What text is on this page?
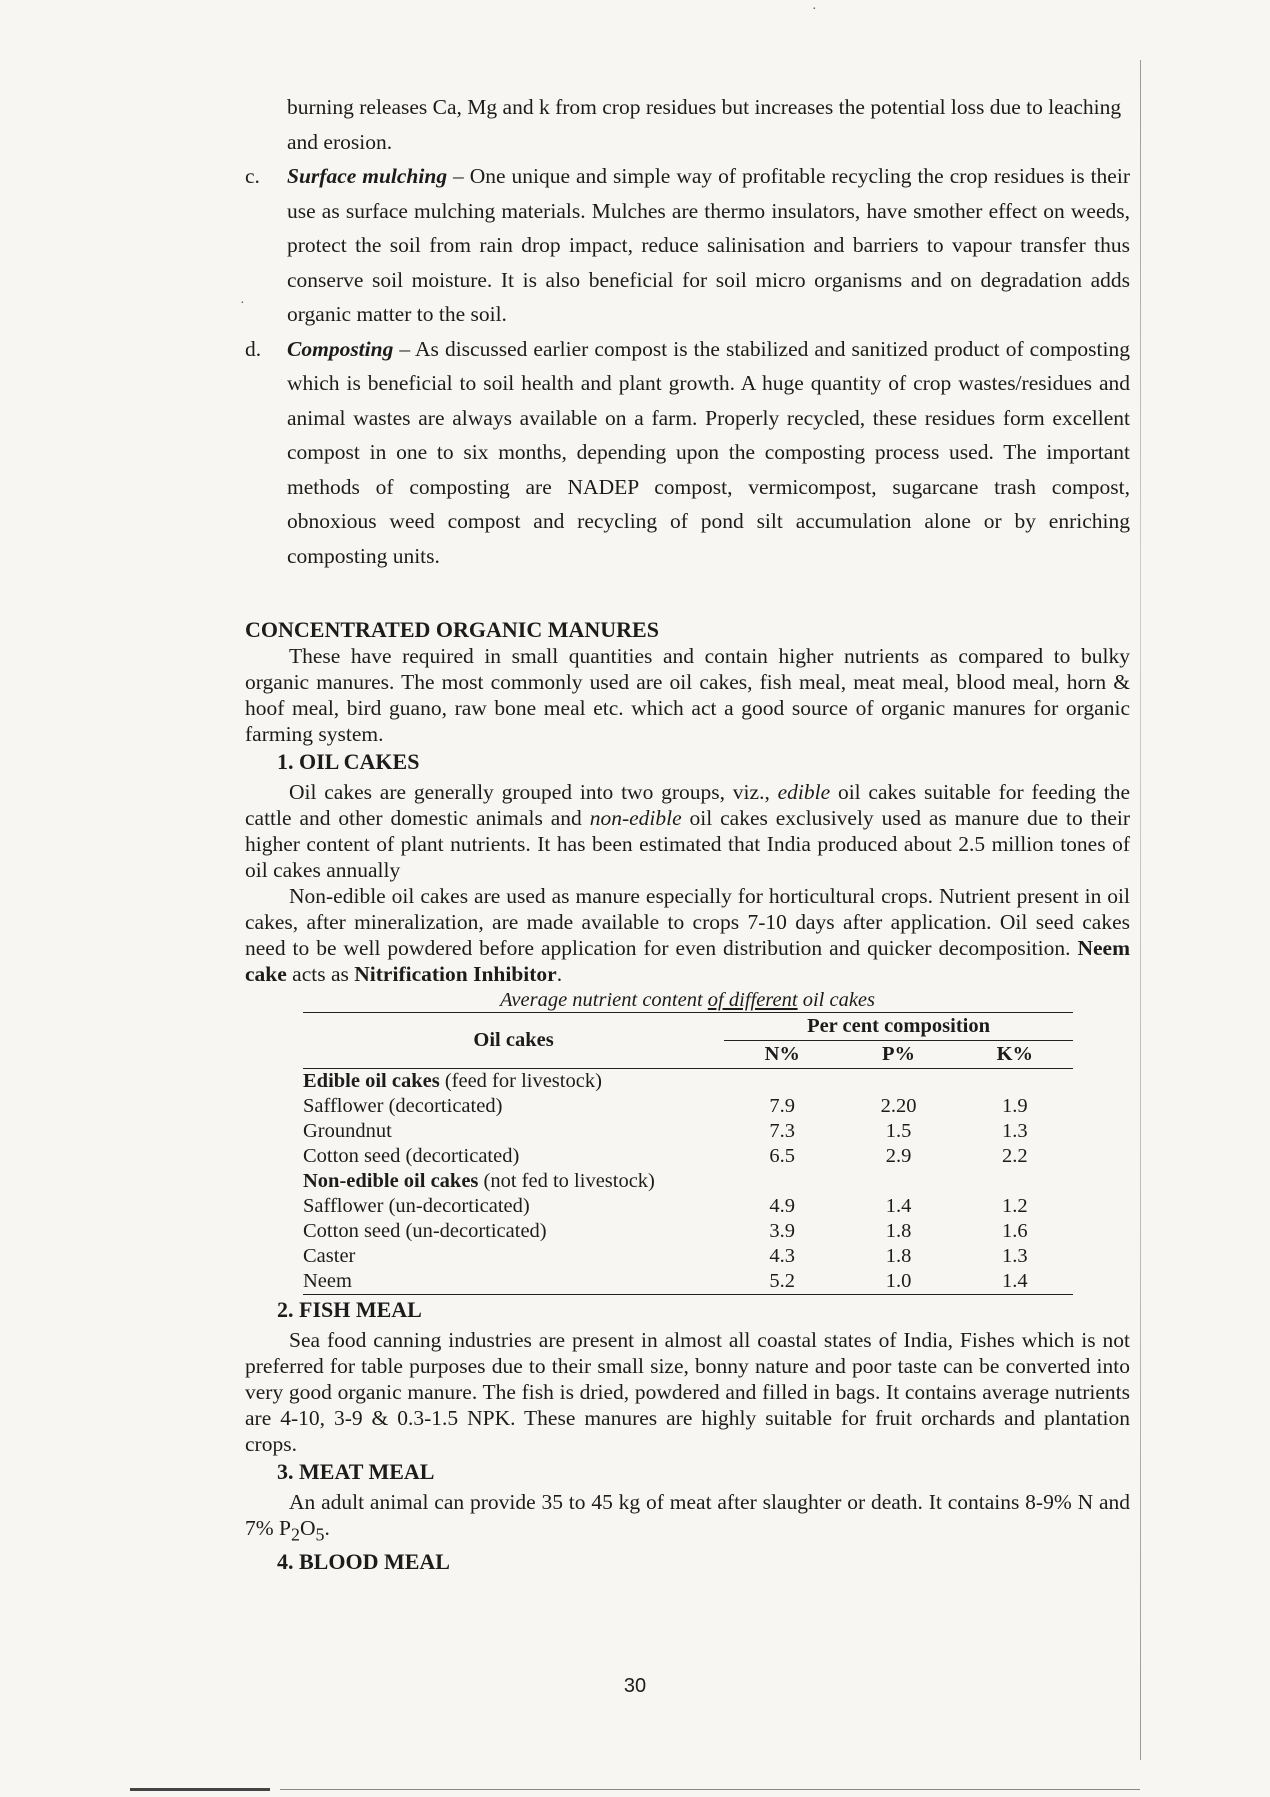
·
·

burning releases Ca, Mg and k from crop residues but increases the potential loss due to leaching and erosion.

c. Surface mulching – One unique and simple way of profitable recycling the crop residues is their use as surface mulching materials. Mulches are thermo insulators, have smother effect on weeds, protect the soil from rain drop impact, reduce salinisation and barriers to vapour transfer thus conserve soil moisture. It is also beneficial for soil micro organisms and on degradation adds organic matter to the soil.

d. Composting – As discussed earlier compost is the stabilized and sanitized product of composting which is beneficial to soil health and plant growth. A huge quantity of crop wastes/residues and animal wastes are always available on a farm. Properly recycled, these residues form excellent compost in one to six months, depending upon the composting process used. The important methods of composting are NADEP compost, vermicompost, sugarcane trash compost, obnoxious weed compost and recycling of pond silt accumulation alone or by enriching composting units.

CONCENTRATED ORGANIC MANURES

These have required in small quantities and contain higher nutrients as compared to bulky organic manures. The most commonly used are oil cakes, fish meal, meat meal, blood meal, horn & hoof meal, bird guano, raw bone meal etc. which act a good source of organic manures for organic farming system.

1. OIL CAKES

Oil cakes are generally grouped into two groups, viz., edible oil cakes suitable for feeding the cattle and other domestic animals and non-edible oil cakes exclusively used as manure due to their higher content of plant nutrients. It has been estimated that India produced about 2.5 million tones of oil cakes annually

Non-edible oil cakes are used as manure especially for horticultural crops. Nutrient present in oil cakes, after mineralization, are made available to crops 7-10 days after application. Oil seed cakes need to be well powdered before application for even distribution and quicker decomposition. Neem cake acts as Nitrification Inhibitor.

Average nutrient content of different oil cakes

Oil cakes	Per cent composition		
	N%	P%	K%
Edible oil cakes (feed for livestock)			
Safflower (decorticated)	7.9	2.20	1.9
Groundnut	7.3	1.5	1.3
Cotton seed (decorticated)	6.5	2.9	2.2
Non-edible oil cakes (not fed to livestock)			
Safflower (un-decorticated)	4.9	1.4	1.2
Cotton seed (un-decorticated)	3.9	1.8	1.6
Caster	4.3	1.8	1.3
Neem	5.2	1.0	1.4

2. FISH MEAL

Sea food canning industries are present in almost all coastal states of India, Fishes which is not preferred for table purposes due to their small size, bonny nature and poor taste can be converted into very good organic manure. The fish is dried, powdered and filled in bags. It contains average nutrients are 4-10, 3-9 & 0.3-1.5 NPK. These manures are highly suitable for fruit orchards and plantation crops.

3. MEAT MEAL

An adult animal can provide 35 to 45 kg of meat after slaughter or death. It contains 8-9% N and 7% $P_2O_5$.

4. BLOOD MEAL

30
